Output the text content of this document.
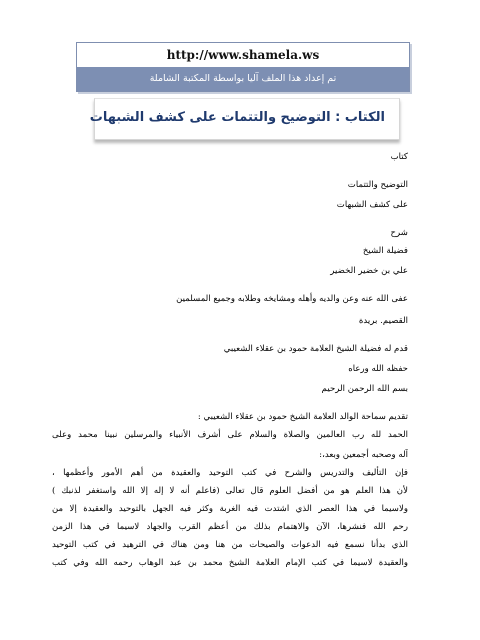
http://www.shamela.ws
تم إعداد هذا الملف آليا بواسطة المكتبة الشاملة
الكتاب : التوضيح والتتمات على كشف الشبهات
كتاب
التوضيح والتتمات
على كشف الشبهات
شرح
فضيلة الشيخ
علي بن خضير الخضير
عفى الله عنه وعن والديه وأهله ومشايخه وطلابه وجميع المسلمين
القصيم. بريدة
قدم له فضيلة الشيخ العلامة حمود بن عقلاء الشعيبي
حفظه الله ورعاه
بسم الله الرحمن الرحيم
تقديم سماحة الوالد العلامة الشيخ حمود بن عقلاء الشعيبي :
الحمد لله رب العالمين والصلاة والسلام على أشرف الأنبياء والمرسلين نبينا محمد وعلى
آله وصحبه أجمعين وبعد،:
فإن التأليف والتدريس والشرح في كتب التوحيد والعقيدة من أهم الأمور وأعظمها ،
لأن هذا العلم هو من أفضل العلوم قال تعالى (فاعلم أنه لا إله إلا الله واستغفر لذنبك )
ولاسيما في هذا العصر الذي اشتدت فيه الغربة وكثر فيه الجهل بالتوحيد والعقيدة إلا من
رحم الله فنشرها، الآن والاهتمام بذلك من أعظم القرب والجهاد لاسيما في هذا الزمن
الذي بدأنا نسمع فيه الدعوات والصيحات من هنا ومن هناك في الترهيد في كتب التوحيد
والعقيدة لاسيما في كتب الإمام العلامة الشيخ محمد بن عبد الوهاب رحمه الله وفي كتب
